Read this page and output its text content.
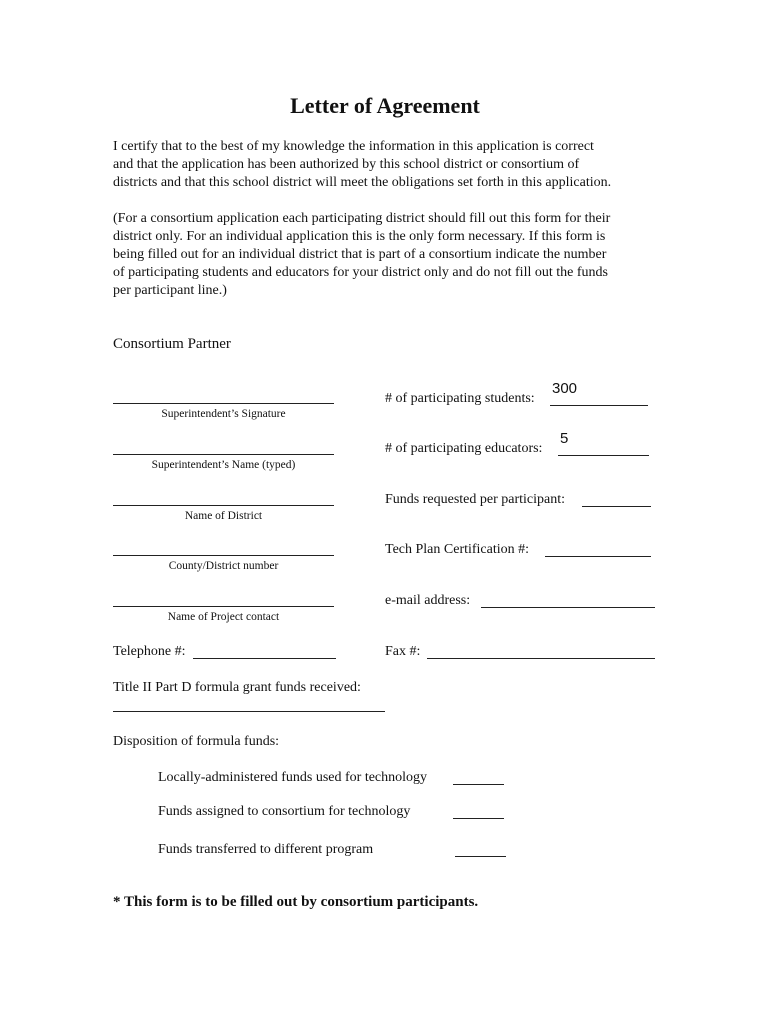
Letter of Agreement
I certify that to the best of my knowledge the information in this application is correct
and that the application has been authorized by this school district or consortium of
districts and that this school district will meet the obligations set forth in this application.
(For a consortium application each participating district should fill out this form for their
district only. For an individual application this is the only form necessary. If this form is
being filled out for an individual district that is part of a consortium indicate the number
of participating students and educators for your district only and do not fill out the funds
per participant line.)
Consortium Partner
Superintendent’s Signature
Superintendent’s Name (typed)
Name of District
County/District number
Name of Project contact
Telephone #:
# of participating students:
300
# of participating educators:
5
Funds requested per participant:
Tech Plan Certification #:
e-mail address:
Fax #:
Title II Part D formula grant funds received:
Disposition of formula funds:
Locally-administered funds used for technology
Funds assigned to consortium for technology
Funds transferred to different program
* This form is to be filled out by consortium participants.
